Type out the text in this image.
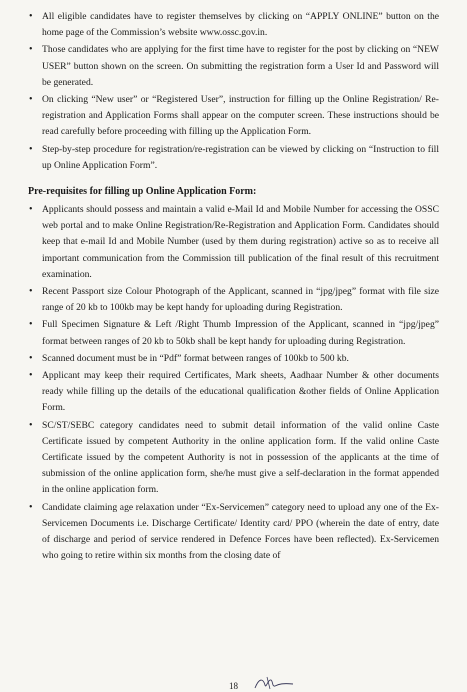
• All eligible candidates have to register themselves by clicking on “APPLY ONLINE” button on the home page of the Commission’s website www.ossc.gov.in.
• Those candidates who are applying for the first time have to register for the post by clicking on “NEW USER” button shown on the screen. On submitting the registration form a User Id and Password will be generated.
• On clicking “New user” or “Registered User”, instruction for filling up the Online Registration/ Re-registration and Application Forms shall appear on the computer screen. These instructions should be read carefully before proceeding with filling up the Application Form.
• Step-by-step procedure for registration/re-registration can be viewed by clicking on “Instruction to fill up Online Application Form”.
Pre-requisites for filling up Online Application Form:
• Applicants should possess and maintain a valid e-Mail Id and Mobile Number for accessing the OSSC web portal and to make Online Registration/Re-Registration and Application Form. Candidates should keep that e-mail Id and Mobile Number (used by them during registration) active so as to receive all important communication from the Commission till publication of the final result of this recruitment examination.
• Recent Passport size Colour Photograph of the Applicant, scanned in “jpg/jpeg” format with file size range of 20 kb to 100kb may be kept handy for uploading during Registration.
• Full Specimen Signature & Left /Right Thumb Impression of the Applicant, scanned in “jpg/jpeg” format between ranges of 20 kb to 50kb shall be kept handy for uploading during Registration.
• Scanned document must be in “Pdf” format between ranges of 100kb to 500 kb.
• Applicant may keep their required Certificates, Mark sheets, Aadhaar Number & other documents ready while filling up the details of the educational qualification &other fields of Online Application Form.
• SC/ST/SEBC category candidates need to submit detail information of the valid online Caste Certificate issued by competent Authority in the online application form. If the valid online Caste Certificate issued by the competent Authority is not in possession of the applicants at the time of submission of the online application form, she/he must give a self-declaration in the format appended in the online application form.
• Candidate claiming age relaxation under “Ex-Servicemen” category need to upload any one of the Ex-Servicemen Documents i.e. Discharge Certificate/ Identity card/ PPO (wherein the date of entry, date of discharge and period of service rendered in Defence Forces have been reflected). Ex-Servicemen who going to retire within six months from the closing date of
18
